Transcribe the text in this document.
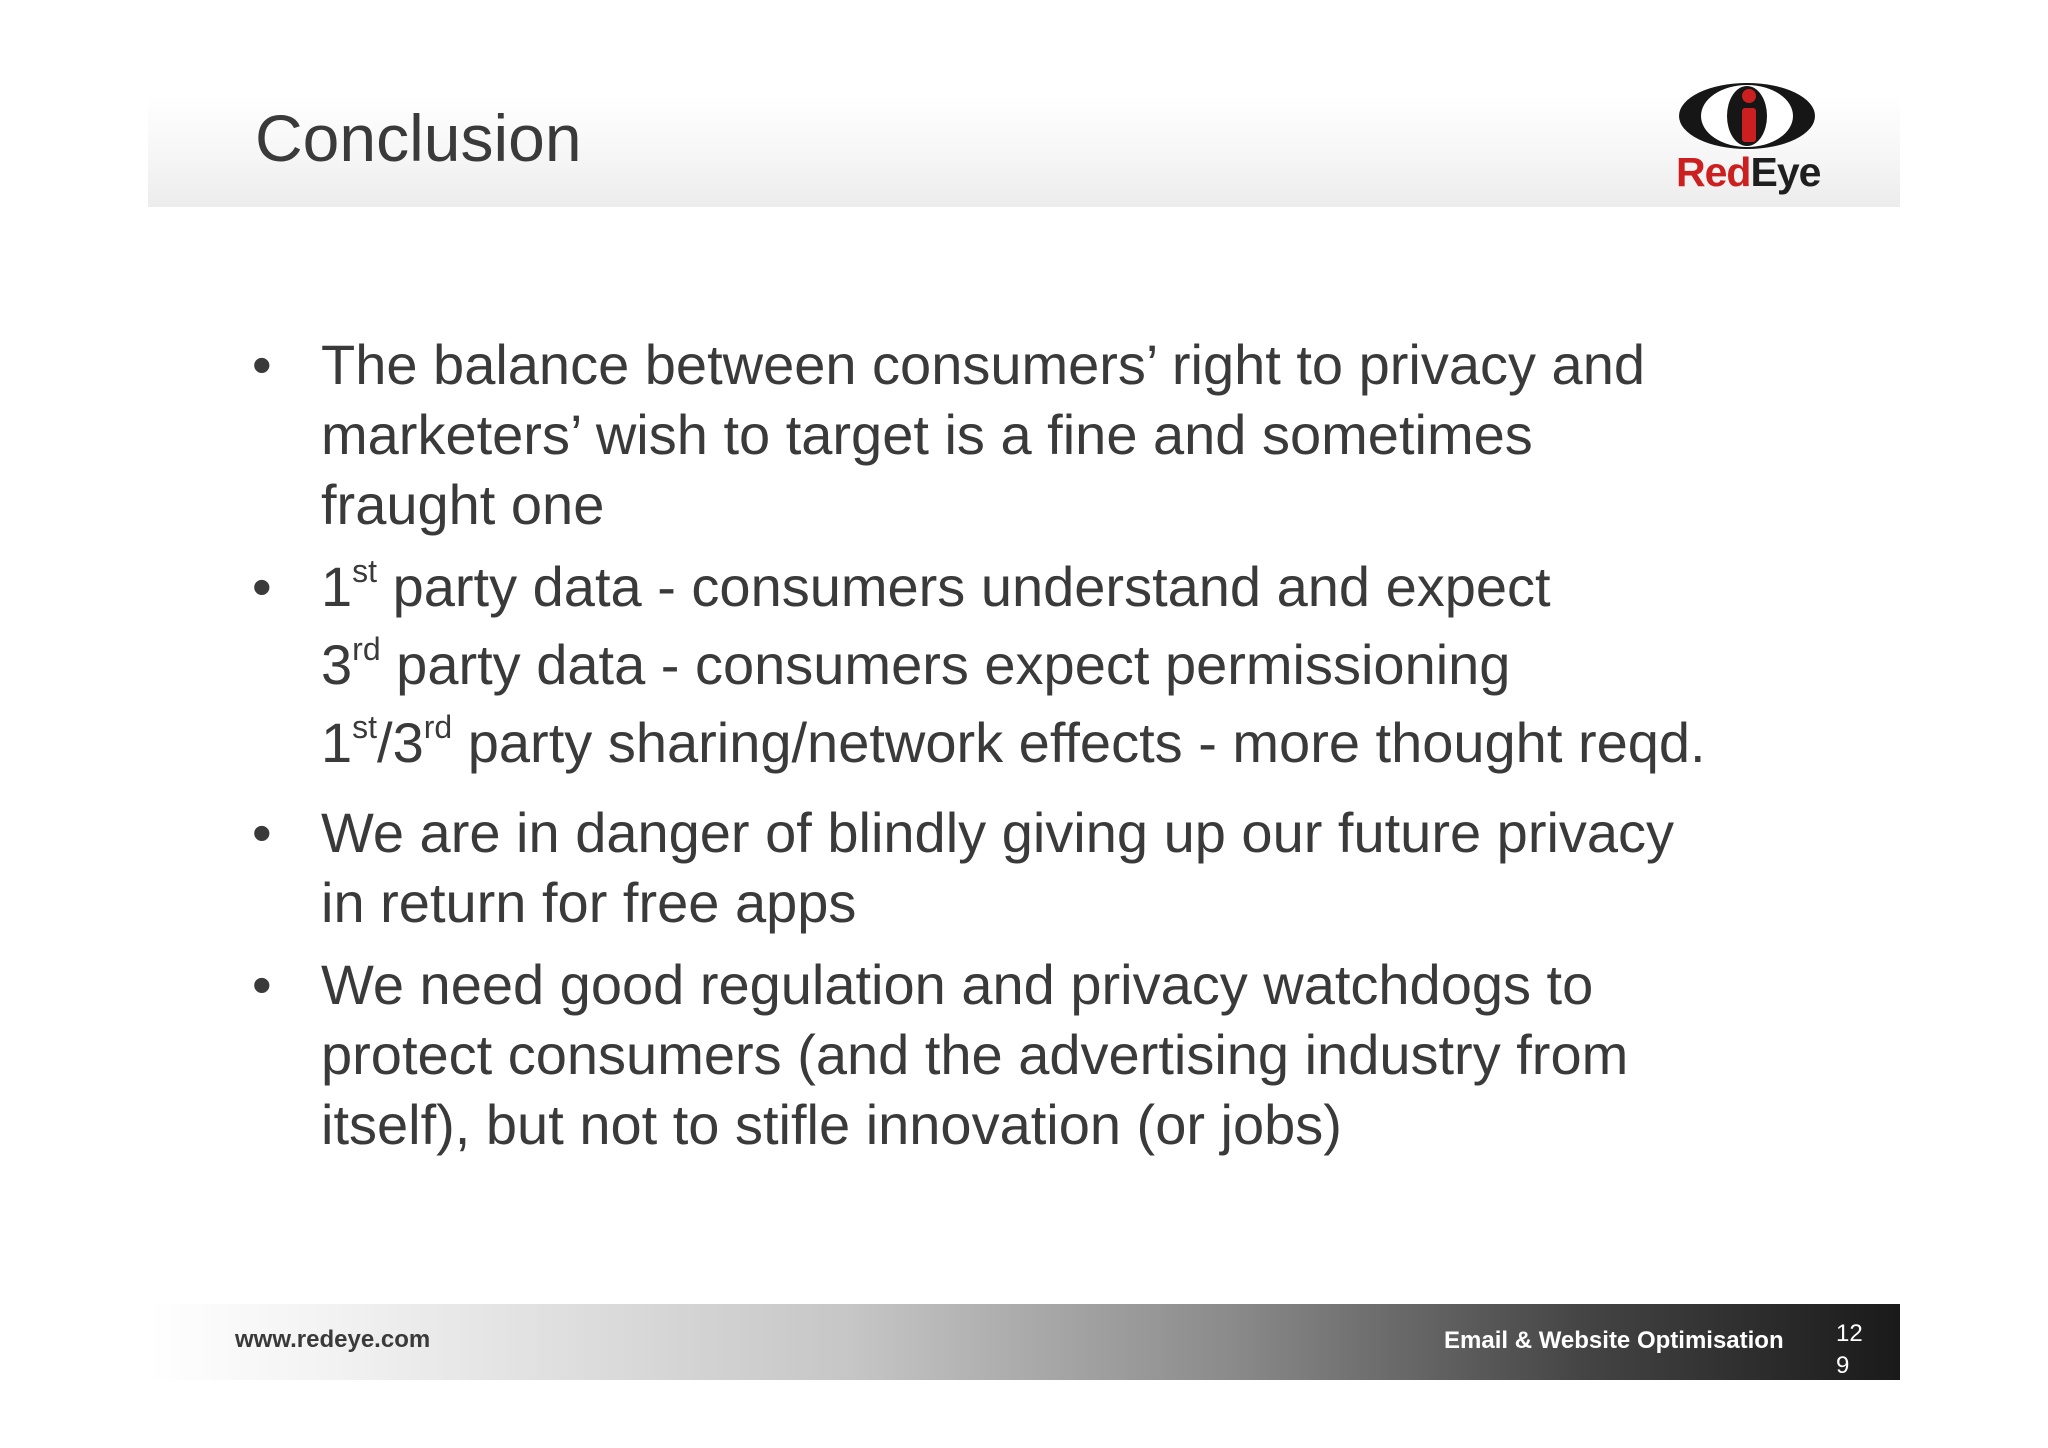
Conclusion	RedEye
• The balance between consumers’ right to privacy and
marketers’ wish to target is a fine and sometimes
fraught one
• 1st party data - consumers understand and expect
3rd party data - consumers expect permissioning
1st/3rd party sharing/network effects - more thought reqd.
• We are in danger of blindly giving up our future privacy
in return for free apps
• We need good regulation and privacy watchdogs to
protect consumers (and the advertising industry from
itself), but not to stifle innovation (or jobs)
www.redeye.com	Email & Website Optimisation 129
